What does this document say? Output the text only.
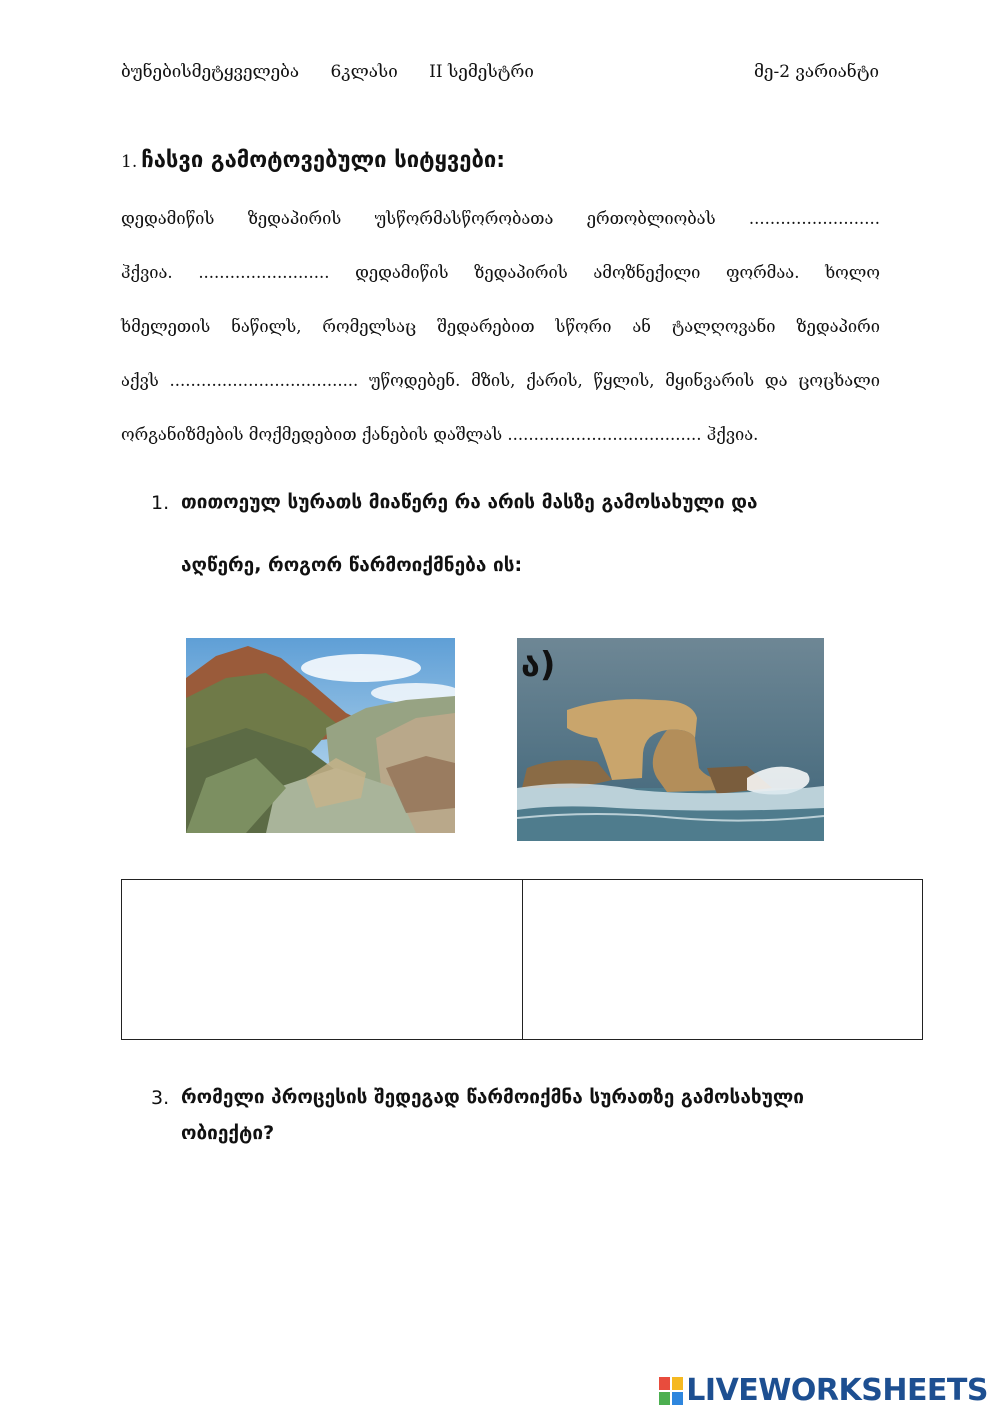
ბუნებისმეტყველება 6კლასი II სემესტრი	მე-2 ვარიანტი
1. ჩასვი გამოტოვებული სიტყვები:
დედამიწის ზედაპირის უსწორმასწორობათა ერთობლიობას .........................
ჰქვია. ......................... დედამიწის ზედაპირის ამოზნექილი ფორმაა. ხოლო
ხმელეთის ნაწილს, რომელსაც შედარებით სწორი ან ტალღოვანი ზედაპირი
აქვს .................................... უწოდებენ. მზის, ქარის, წყლის, მყინვარის და ცოცხალი
ორგანიზმების მოქმედებით ქანების დაშლას ..................................... ჰქვია.
1. თითოეულ სურათს მიაწერე რა არის მასზე გამოსახული და
აღწერე, როგორ წარმოიქმნება ის:
ა)
3. რომელი პროცესის შედეგად წარმოიქმნა სურათზე გამოსახული
ობიექტი?
LIVEWORKSHEETS
